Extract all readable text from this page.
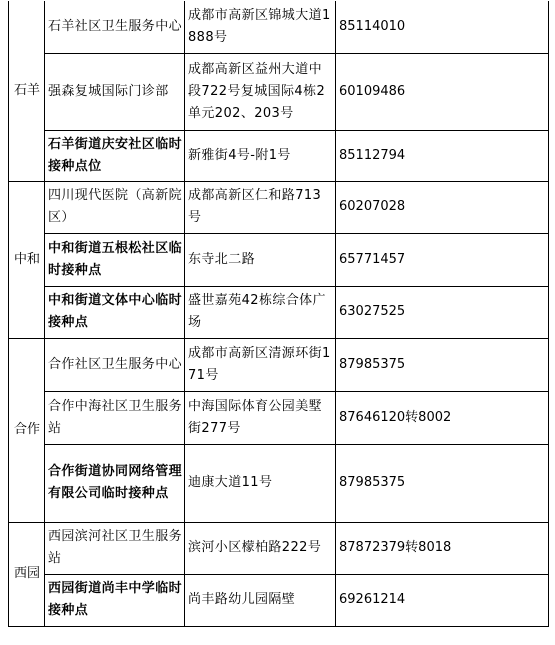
石羊	石羊社区卫生服务中心	成都市高新区锦城大道1888号	85114010
	强森复城国际门诊部	成都高新区益州大道中段722号复城国际4栋2单元202、203号	60109486
	石羊街道庆安社区临时接种点位	新雅街4号-附1号	85112794
中和	四川现代医院（高新院区）	成都高新区仁和路713号	60207028
	中和街道五根松社区临时接种点	东寺北二路	65771457
	中和街道文体中心临时接种点	盛世嘉苑42栋综合体广场	63027525
合作	合作社区卫生服务中心	成都市高新区清源环街171号	87985375
	合作中海社区卫生服务站	中海国际体育公园美墅街277号	87646120转8002
	合作街道协同网络管理有限公司临时接种点	迪康大道11号	87985375
西园	西园滨河社区卫生服务站	滨河小区檬柏路222号	87872379转8018
	西园街道尚丰中学临时接种点	尚丰路幼儿园隔壁	69261214
